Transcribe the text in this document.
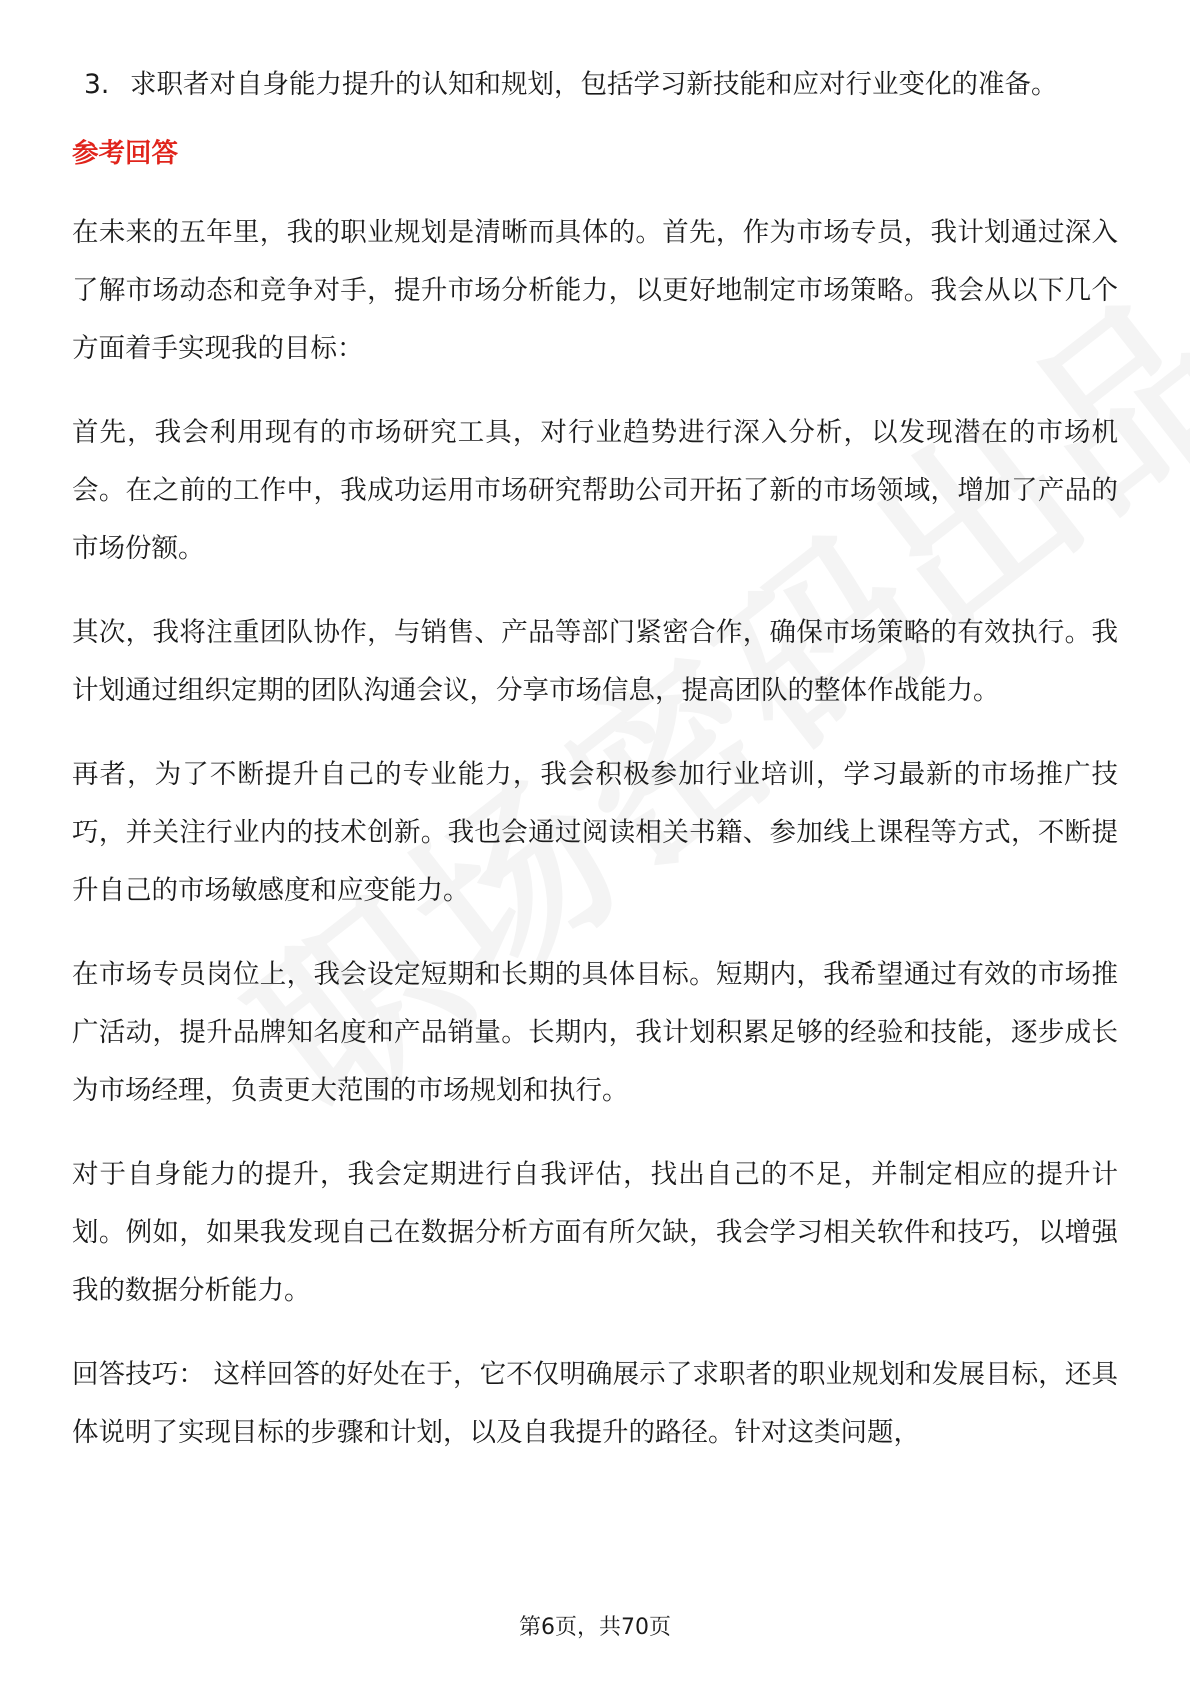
3. 求职者对自身能力提升的认知和规划，包括学习新技能和应对行业变化的准备。
参考回答

在未来的五年里，我的职业规划是清晰而具体的。首先，作为市场专员，我计划通过深入了解市场动态和竞争对手，提升市场分析能力，以更好地制定市场策略。我会从以下几个方面着手实现我的目标：

首先，我会利用现有的市场研究工具，对行业趋势进行深入分析，以发现潜在的市场机会。在之前的工作中，我成功运用市场研究帮助公司开拓了新的市场领域，增加了产品的市场份额。

其次，我将注重团队协作，与销售、产品等部门紧密合作，确保市场策略的有效执行。我计划通过组织定期的团队沟通会议，分享市场信息，提高团队的整体作战能力。

再者，为了不断提升自己的专业能力，我会积极参加行业培训，学习最新的市场推广技巧，并关注行业内的技术创新。我也会通过阅读相关书籍、参加线上课程等方式，不断提升自己的市场敏感度和应变能力。

在市场专员岗位上，我会设定短期和长期的具体目标。短期内，我希望通过有效的市场推广活动，提升品牌知名度和产品销量。长期内，我计划积累足够的经验和技能，逐步成长为市场经理，负责更大范围的市场规划和执行。

对于自身能力的提升，我会定期进行自我评估，找出自己的不足，并制定相应的提升计划。例如，如果我发现自己在数据分析方面有所欠缺，我会学习相关软件和技巧，以增强我的数据分析能力。

回答技巧： 这样回答的好处在于，它不仅明确展示了求职者的职业规划和发展目标，还具体说明了实现目标的步骤和计划，以及自我提升的路径。针对这类问题，

第6页，共70页
